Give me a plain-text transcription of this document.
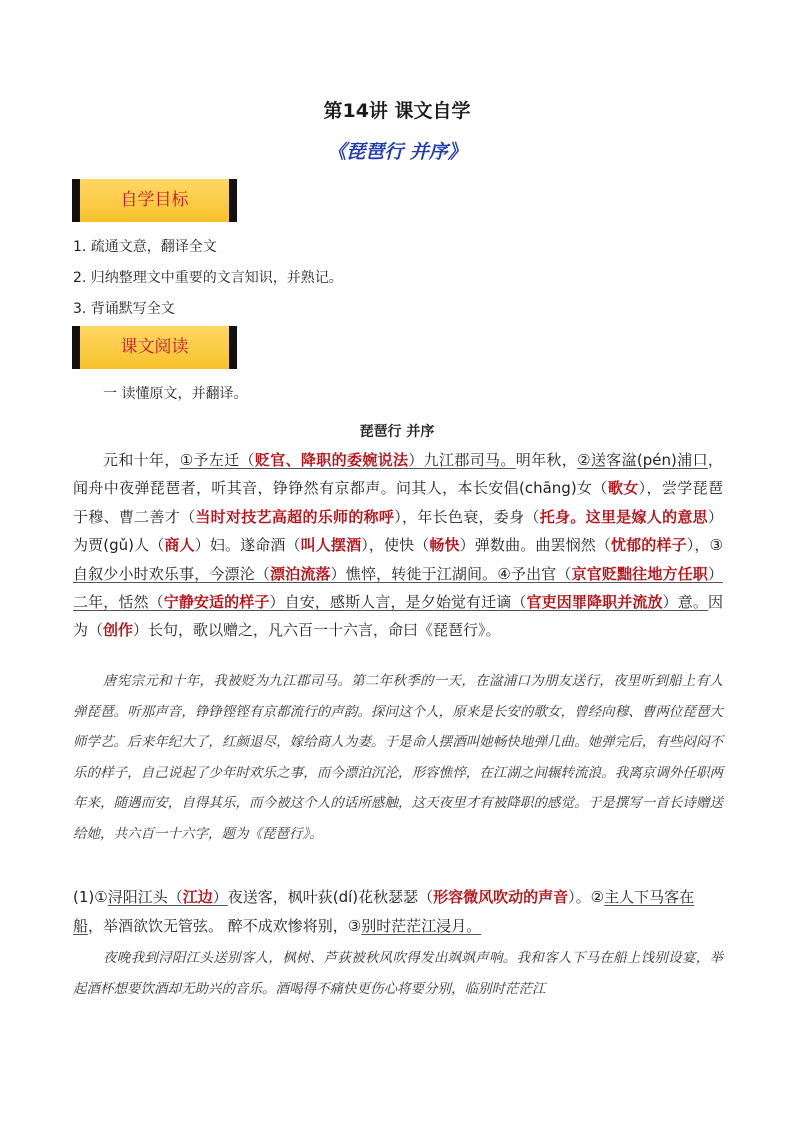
第14讲 课文自学
《琵琶行 并序》
自学目标
1. 疏通文意，翻译全文
2. 归纳整理文中重要的文言知识，并熟记。
3. 背诵默写全文
课文阅读
一 读懂原文，并翻译。
琵琶行 并序

元和十年，①予左迁（贬官、降职的委婉说法）九江郡司马。明年秋，②送客湓(pén)浦口，闻舟中夜弹琵琶者，听其音，铮铮然有京都声。问其人，本长安倡(chāng)女（歌女），尝学琵琶于穆、曹二善才（当时对技艺高超的乐师的称呼），年长色衰，委身（托身。这里是嫁人的意思）为贾(gǔ)人（商人）妇。遂命酒（叫人摆酒），使快（畅快）弹数曲。曲罢悯然（忧郁的样子），③自叙少小时欢乐事，今漂沦（漂泊流落）憔悴，转徙于江湖间。④予出官（京官贬黜往地方任职）二年，恬然（宁静安适的样子）自安，感斯人言，是夕始觉有迁谪（官吏因罪降职并流放）意。因为（创作）长句，歌以赠之，凡六百一十六言，命曰《琵琶行》。

唐宪宗元和十年，我被贬为九江郡司马。第二年秋季的一天，在湓浦口为朋友送行，夜里听到船上有人弹琵琶。听那声音，铮铮铿铿有京都流行的声韵。探问这个人，原来是长安的歌女，曾经向穆、曹两位琵琶大师学艺。后来年纪大了，红颜退尽，嫁给商人为妻。于是命人摆酒叫她畅快地弹几曲。她弹完后，有些闷闷不乐的样子，自己说起了少年时欢乐之事，而今漂泊沉沦，形容憔悴，在江湖之间辗转流浪。我离京调外任职两年来，随遇而安，自得其乐，而今被这个人的话所感触，这天夜里才有被降职的感觉。于是撰写一首长诗赠送给她，共六百一十六字，题为《琵琶行》。

(1)①浔阳江头（江边）夜送客，枫叶荻(dí)花秋瑟瑟（形容微风吹动的声音）。②主人下马客在船，举酒欲饮无管弦。 醉不成欢惨将别，③别时茫茫江浸月。

夜晚我到浔阳江头送别客人，枫树、芦荻被秋风吹得发出飒飒声响。我和客人下马在船上饯别设宴，举起酒杯想要饮酒却无助兴的音乐。酒喝得不痛快更伤心将要分别，临别时茫茫江
